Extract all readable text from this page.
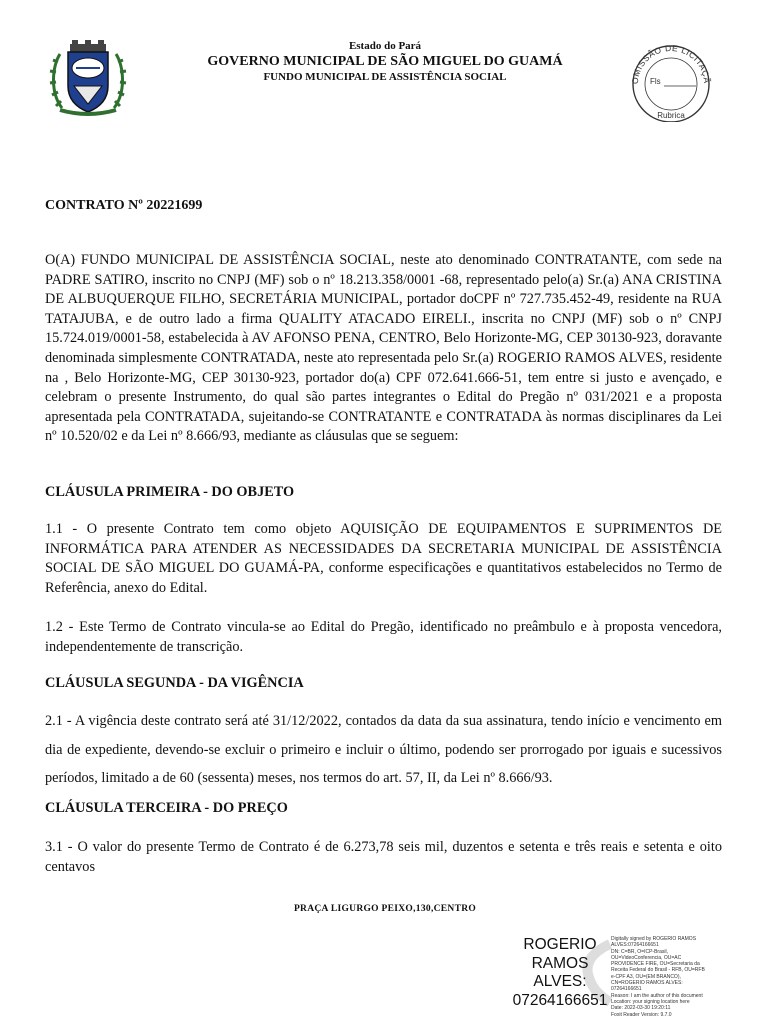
Estado do Pará
GOVERNO MUNICIPAL DE SÃO MIGUEL DO GUAMÁ
FUNDO MUNICIPAL DE ASSISTÊNCIA SOCIAL	OMISSÃO DE LICITAÇÃ
Fls
Rubrica
CONTRATO Nº 20221699
O(A) FUNDO MUNICIPAL DE ASSISTÊNCIA SOCIAL, neste ato denominado CONTRATANTE, com sede na PADRE SATIRO, inscrito no CNPJ (MF) sob o nº 18.213.358/0001 -68, representado pelo(a) Sr.(a) ANA CRISTINA DE ALBUQUERQUE FILHO, SECRETÁRIA MUNICIPAL, portador doCPF nº 727.735.452-49, residente na RUA TATAJUBA, e de outro lado a firma QUALITY ATACADO EIRELI., inscrita no CNPJ (MF) sob o nº CNPJ 15.724.019/0001-58, estabelecida à AV AFONSO PENA, CENTRO, Belo Horizonte-MG, CEP 30130-923, doravante denominada simplesmente CONTRATADA, neste ato representada pelo Sr.(a) ROGERIO RAMOS ALVES, residente na , Belo Horizonte-MG, CEP 30130-923, portador do(a) CPF 072.641.666-51, tem entre si justo e avençado, e celebram o presente Instrumento, do qual são partes integrantes o Edital do Pregão nº 031/2021 e a proposta apresentada pela CONTRATADA, sujeitando-se CONTRATANTE e CONTRATADA às normas disciplinares da Lei nº 10.520/02 e da Lei nº 8.666/93, mediante as cláusulas que se seguem:
CLÁUSULA PRIMEIRA - DO OBJETO
1.1 - O presente Contrato tem como objeto AQUISIÇÃO DE EQUIPAMENTOS E SUPRIMENTOS DE INFORMÁTICA PARA ATENDER AS NECESSIDADES DA SECRETARIA MUNICIPAL DE ASSISTÊNCIA SOCIAL DE SÃO MIGUEL DO GUAMÁ-PA, conforme especificações e quantitativos estabelecidos no Termo de Referência, anexo do Edital.
1.2 - Este Termo de Contrato vincula-se ao Edital do Pregão, identificado no preâmbulo e à proposta vencedora, independentemente de transcrição.
CLÁUSULA SEGUNDA - DA VIGÊNCIA
2.1 - A vigência deste contrato será até 31/12/2022, contados da data da sua assinatura, tendo início e vencimento em dia de expediente, devendo-se excluir o primeiro e incluir o último, podendo ser prorrogado por iguais e sucessivos períodos, limitado a de 60 (sessenta) meses, nos termos do art. 57, II, da Lei nº 8.666/93.
CLÁUSULA TERCEIRA - DO PREÇO
3.1 - O valor do presente Termo de Contrato é de 6.273,78 seis mil, duzentos e setenta e três reais e setenta e oito centavos
PRAÇA LIGURGO PEIXO,130,CENTRO
ROGERIO
RAMOS
ALVES:
07264166651
Digitally signed by ROGERIO RAMOS
ALVES:07264166651
DN: C=BR, O=ICP-Brasil,
OU=VideoConferencia, OU=AC
PROVIDENCE FIRE, OU=Secretaria da
Receita Federal do Brasil - RFB, OU=RFB
e-CPF A3, OU=(EM BRANCO),
CN=ROGERIO RAMOS ALVES:
07264166651
Reason: I am the author of this document
Location: your signing location here
Date: 2022-03-30 19:20:11
Foxit Reader Version: 9.7.0
